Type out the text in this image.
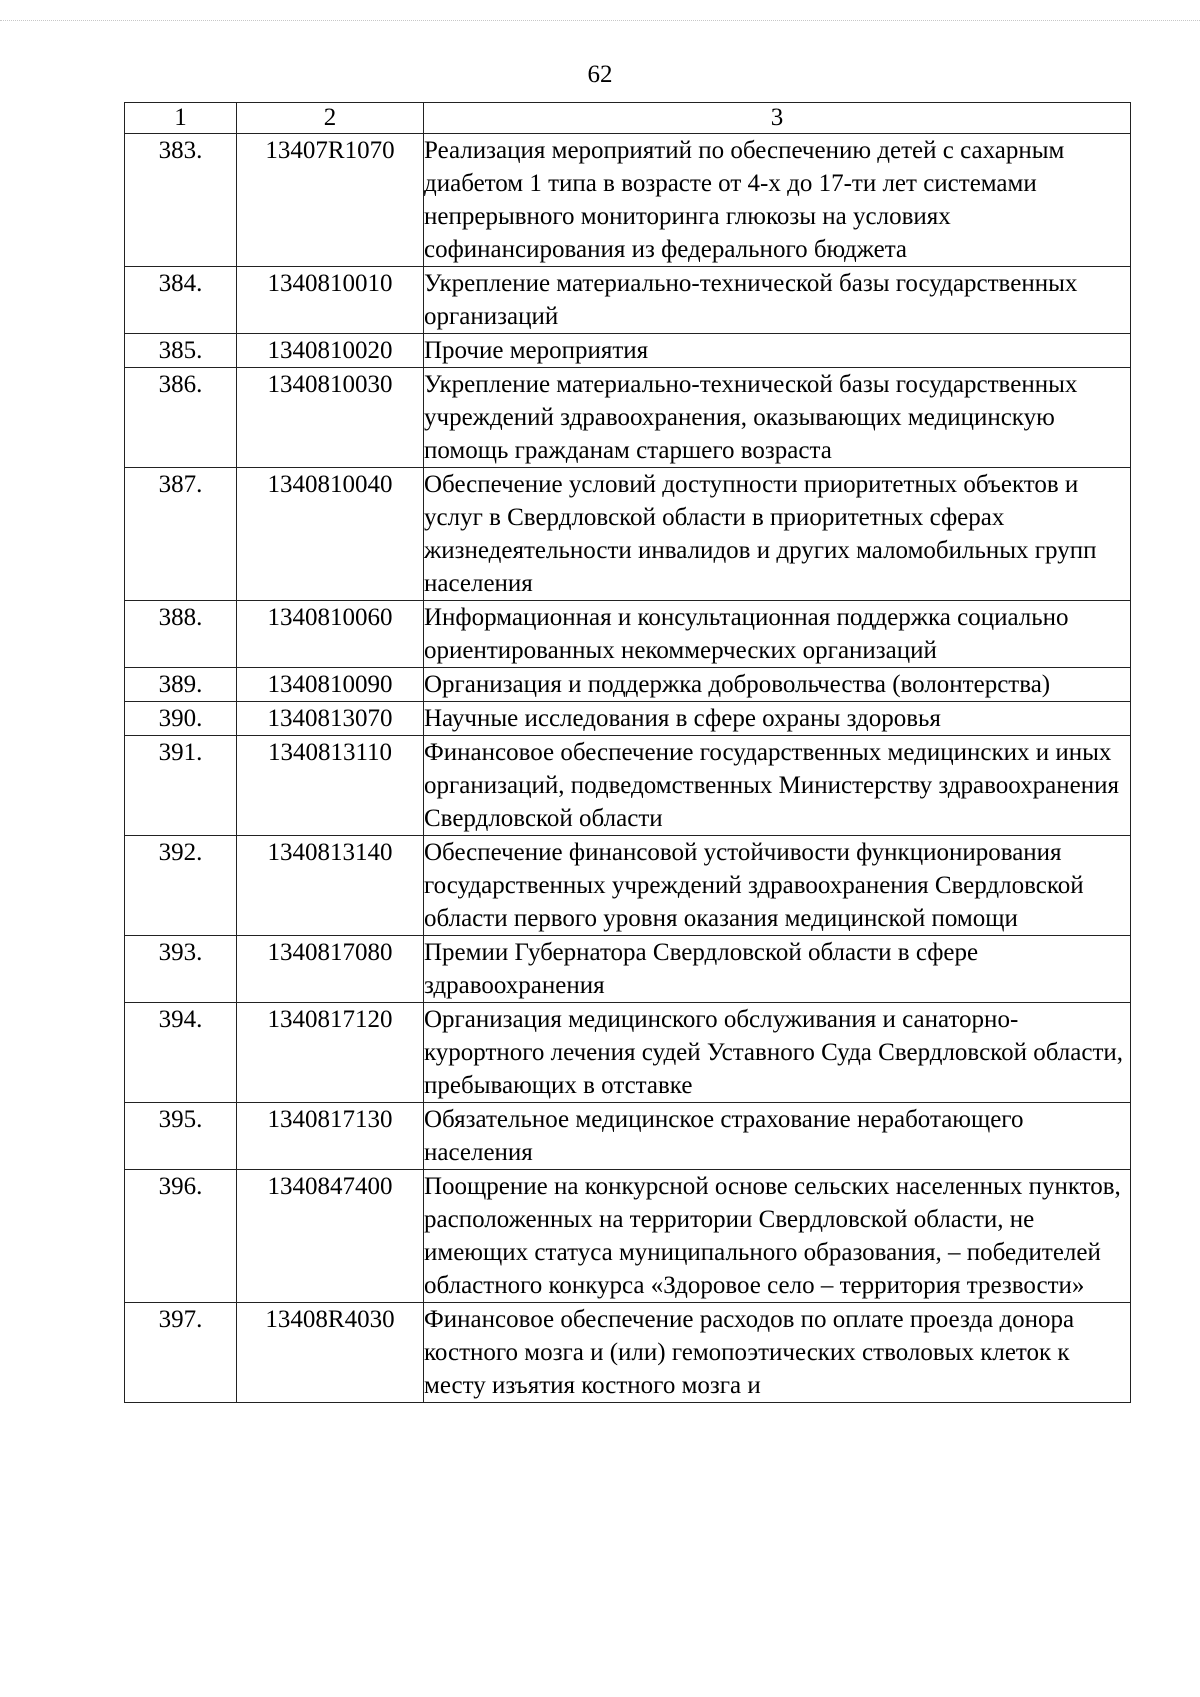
62
1	2	3
383.	13407R1070	Реализация мероприятий по обеспечению детей с сахарным диабетом 1 типа в возрасте от 4-х до 17-ти лет системами непрерывного мониторинга глюкозы на условиях софинансирования из федерального бюджета
384.	1340810010	Укрепление материально-технической базы государственных организаций
385.	1340810020	Прочие мероприятия
386.	1340810030	Укрепление материально-технической базы государственных учреждений здравоохранения, оказывающих медицинскую помощь гражданам старшего возраста
387.	1340810040	Обеспечение условий доступности приоритетных объектов и услуг в Свердловской области в приоритетных сферах жизнедеятельности инвалидов и других маломобильных групп населения
388.	1340810060	Информационная и консультационная поддержка социально ориентированных некоммерческих организаций
389.	1340810090	Организация и поддержка добровольчества (волонтерства)
390.	1340813070	Научные исследования в сфере охраны здоровья
391.	1340813110	Финансовое обеспечение государственных медицинских и иных организаций, подведомственных Министерству здравоохранения Свердловской области
392.	1340813140	Обеспечение финансовой устойчивости функционирования государственных учреждений здравоохранения Свердловской области первого уровня оказания медицинской помощи
393.	1340817080	Премии Губернатора Свердловской области в сфере здравоохранения
394.	1340817120	Организация медицинского обслуживания и санаторно-курортного лечения судей Уставного Суда Свердловской области, пребывающих в отставке
395.	1340817130	Обязательное медицинское страхование неработающего населения
396.	1340847400	Поощрение на конкурсной основе сельских населенных пунктов, расположенных на территории Свердловской области, не имеющих статуса муниципального образования, – победителей областного конкурса «Здоровое село – территория трезвости»
397.	13408R4030	Финансовое обеспечение расходов по оплате проезда донора костного мозга и (или) гемопоэтических стволовых клеток к месту изъятия костного мозга и
